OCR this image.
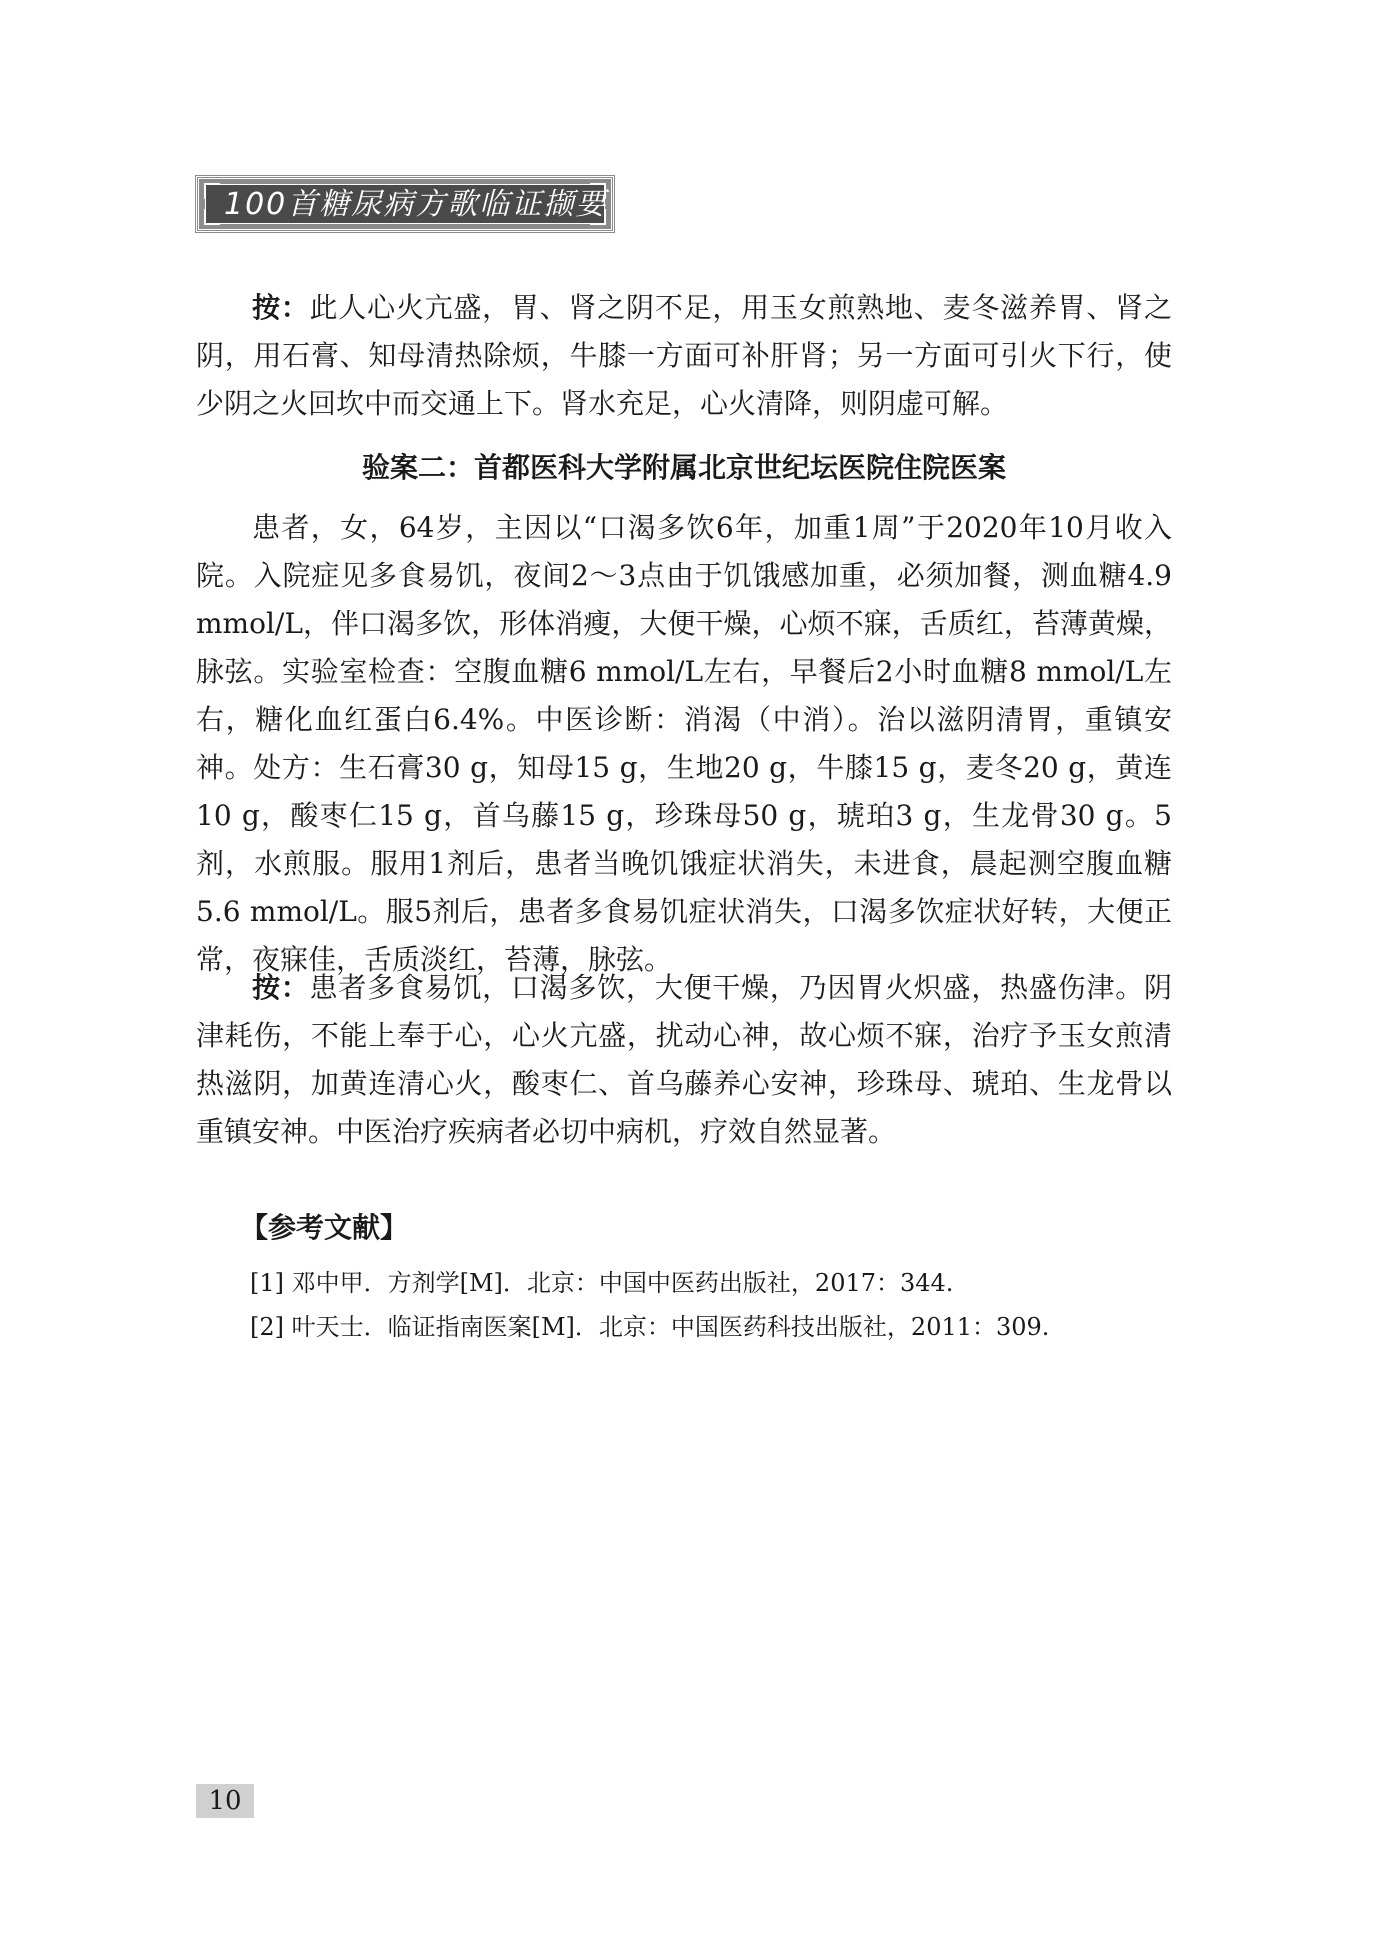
100首糖尿病方歌临证撷要
按：此人心火亢盛，胃、肾之阴不足，用玉女煎熟地、麦冬滋养胃、肾之阴，用石膏、知母清热除烦，牛膝一方面可补肝肾；另一方面可引火下行，使少阴之火回坎中而交通上下。肾水充足，心火清降，则阴虚可解。
验案二：首都医科大学附属北京世纪坛医院住院医案
患者，女，64岁，主因以“口渴多饮6年，加重1周”于2020年10月收入院。入院症见多食易饥，夜间2～3点由于饥饿感加重，必须加餐，测血糖4.9 mmol/L，伴口渴多饮，形体消瘦，大便干燥，心烦不寐，舌质红，苔薄黄燥，脉弦。实验室检查：空腹血糖6 mmol/L左右，早餐后2小时血糖8 mmol/L左右，糖化血红蛋白6.4%。中医诊断：消渴（中消）。治以滋阴清胃，重镇安神。处方：生石膏30 g，知母15 g，生地20 g，牛膝15 g，麦冬20 g，黄连10 g，酸枣仁15 g，首乌藤15 g，珍珠母50 g，琥珀3 g，生龙骨30 g。5剂，水煎服。服用1剂后，患者当晚饥饿症状消失，未进食，晨起测空腹血糖5.6 mmol/L。服5剂后，患者多食易饥症状消失，口渴多饮症状好转，大便正常，夜寐佳，舌质淡红，苔薄，脉弦。
按：患者多食易饥，口渴多饮，大便干燥，乃因胃火炽盛，热盛伤津。阴津耗伤，不能上奉于心，心火亢盛，扰动心神，故心烦不寐，治疗予玉女煎清热滋阴，加黄连清心火，酸枣仁、首乌藤养心安神，珍珠母、琥珀、生龙骨以重镇安神。中医治疗疾病者必切中病机，疗效自然显著。
【参考文献】
[1] 邓中甲．方剂学[M]．北京：中国中医药出版社，2017：344.
[2] 叶天士．临证指南医案[M]．北京：中国医药科技出版社，2011：309.
10
